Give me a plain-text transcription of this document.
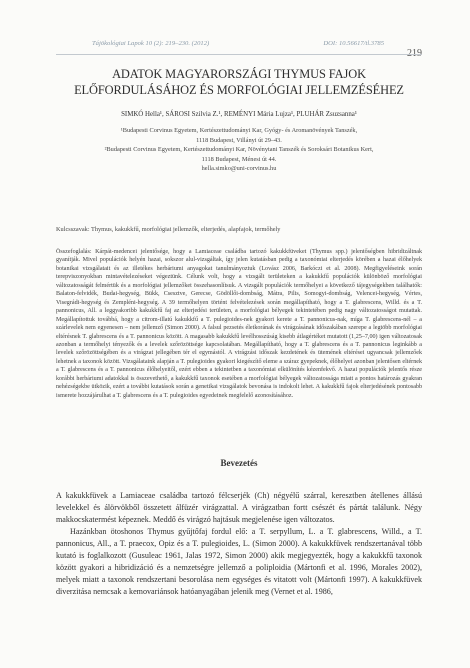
Tájökológiai Lapok 10 (2): 219–230. (2012)	DOI: 10.56617/tl.3785
ADATOK MAGYARORSZÁGI THYMUS FAJOK
ELŐFORDULÁSÁHOZ ÉS MORFOLÓGIAI JELLEMZÉSÉHEZ
SIMKÓ Hella¹, SÁROSI Szilvia Z.¹, REMÉNYI Mária Lujza¹, PLUHÁR Zsuzsanna¹
¹Budapesti Corvinus Egyetem, Kertészettudományi Kar, Gyógy- és Aromanövények Tanszék,
1118 Budapest, Villányi út 29–43.
²Budapesti Corvinus Egyetem, Kertészettudományi Kar, Növénytani Tanszék és Soroksári Botanikus Kert,
1118 Budapest, Ménesi út 44.
hella.simko@uni-corvinus.hu
Kulcsszavak: Thymus, kakukkfű, morfológiai jellemzők, elterjedés, alapfajok, termőhely
Összefoglalás: Kárpát-medencei jelentősége, hogy a Lamiaceae családba tartozó kakukkfüveket (Thymus spp.) jelentőségben hibridizáltnak gyanítják. Mivel populációk helyén hazai, sokszor alul-vizsgáltak, így jelen kutatásban pedig a taxonómiai elterjedés körében a hazai élőhelyek botanikai vizsgálatait és az illetékes herbáriumi anyagokat tanulmányoztuk (Lovász 2006, Barkóczi et al. 2008). Megfigyeléseink során terepviszonyokban mintavételezéseket végeztünk. Célunk volt, hogy a vizsgált területeken a kakukkfű populációk különböző morfológiai változatosságát felmértük és a morfológiai jellemzőket összehasonlítsuk. A vizsgált populációk termőhelyei a következő tájegységekben találhatók: Balaton-felvidék, Budai-hegység, Bükk, Csesztve, Gerecse, Gödöllői-dombság, Mátra, Pilis, Somogyi-dombság, Velencei-hegység, Vértes, Visegrádi-hegység és Zempléni-hegység. A 39 termőhelyen történt felvételezések során megállapítható, hogy a T. glabrescens, Willd. és a T. pannonicus, All. a leggyakoribb kakukkfű faj az elterjedési területen, a morfológiai bélyegek tekintetében pedig nagy változatosságot mutattak. Megállapítottuk továbbá, hogy a citrom-illatú kakukkfű a T. pulegioides-nek gyakori kerete a T. pannonicus-nak, míga T. glabrescens-nél – a szárlevelek nem egyenesen – nem jellemző (Simon 2000). A falsul pezsetés életkorának és virágzásának időszakában szerepe a legtöbb morfológiai eltérésnek T. glabrescens és a T. pannonicus között. A magasabb kakukkfű levélhosszúság kisebb átlagértéket mutatott (1,25–7,00) igen változatosak azonban a termőhelyi tényezők és a levelek szőrözöttsége kapcsolatában. Megállapítható, hogy a T. glabrescens és a T. pannonicus leginkább a levelek szőrözöttségében és a virágzat jellegében tér el egymástól. A virágzási időszak kezdetének és ütemének eltérései ugyancsak jellemzőek lehetnek a taxonok között. Vizsgálataink alapján a T. pulegioides gyakori kiegészítő eleme a száraz gyepeknek, élőhelyei azonban jelentősen eltérnek a T. glabrescens és a T. pannonicus élőhelyeitől, ezért ebben a tekintetben a taxonómiai elkülönítés kézenfekvő. A hazai populációk jelentős része korábbi herbáriumi adatokkal is összevethető, a kakukkfű taxonok esetében a morfológiai bélyegek változatossága miatt a pontos határozás gyakran nehézségekbe ütközik, ezért a további kutatások során a genetikai vizsgálatok bevonása is indokolt lehet. A kakukkfű fajok elterjedésének pontosabb ismerete hozzájárulhat a T. glabrescens és a T. pulegioides egyedeinek megfelelő azonosításához.
Bevezetés

A kakukkfüvek a Lamiaceae családba tartozó félcserjék (Ch) négyélű szárral, keresztben átellenes állású levelekkel és álörvökből összetett álfüzér virágzattal. A virágzatban fortt csészét és pártát találunk. Négy makkocskatermést képeznek. Meddő és virágzó hajtásuk megjelenése igen változatos.

Hazánkban ötoshonos Thymus gyűjtőfaj fordul elő: a T. serpyllum, L. a T. glabrescens, Willd., a T. pannonicus, All., a T. praecox, Opiz és a T. pulegioides, L. (Simon 2000). A kakukkfüvek rendszertanával több kutató is foglalkozott (Gusuleac 1961, Jalas 1972, Simon 2000) akik megjegyezték, hogy a kakukkfű taxonok között gyakori a hibridizáció és a nemzetségre jellemző a poliploidia (Mártonfi et al. 1996, Morales 2002), melyek miatt a taxonok rendszertani besorolása nem egységes és vitatott volt (Mártonfi 1997). A kakukkfüvek diverzitása nemcsak a kemovariánsok hatóanyagában jelenik meg (Vernet et al. 1986,
